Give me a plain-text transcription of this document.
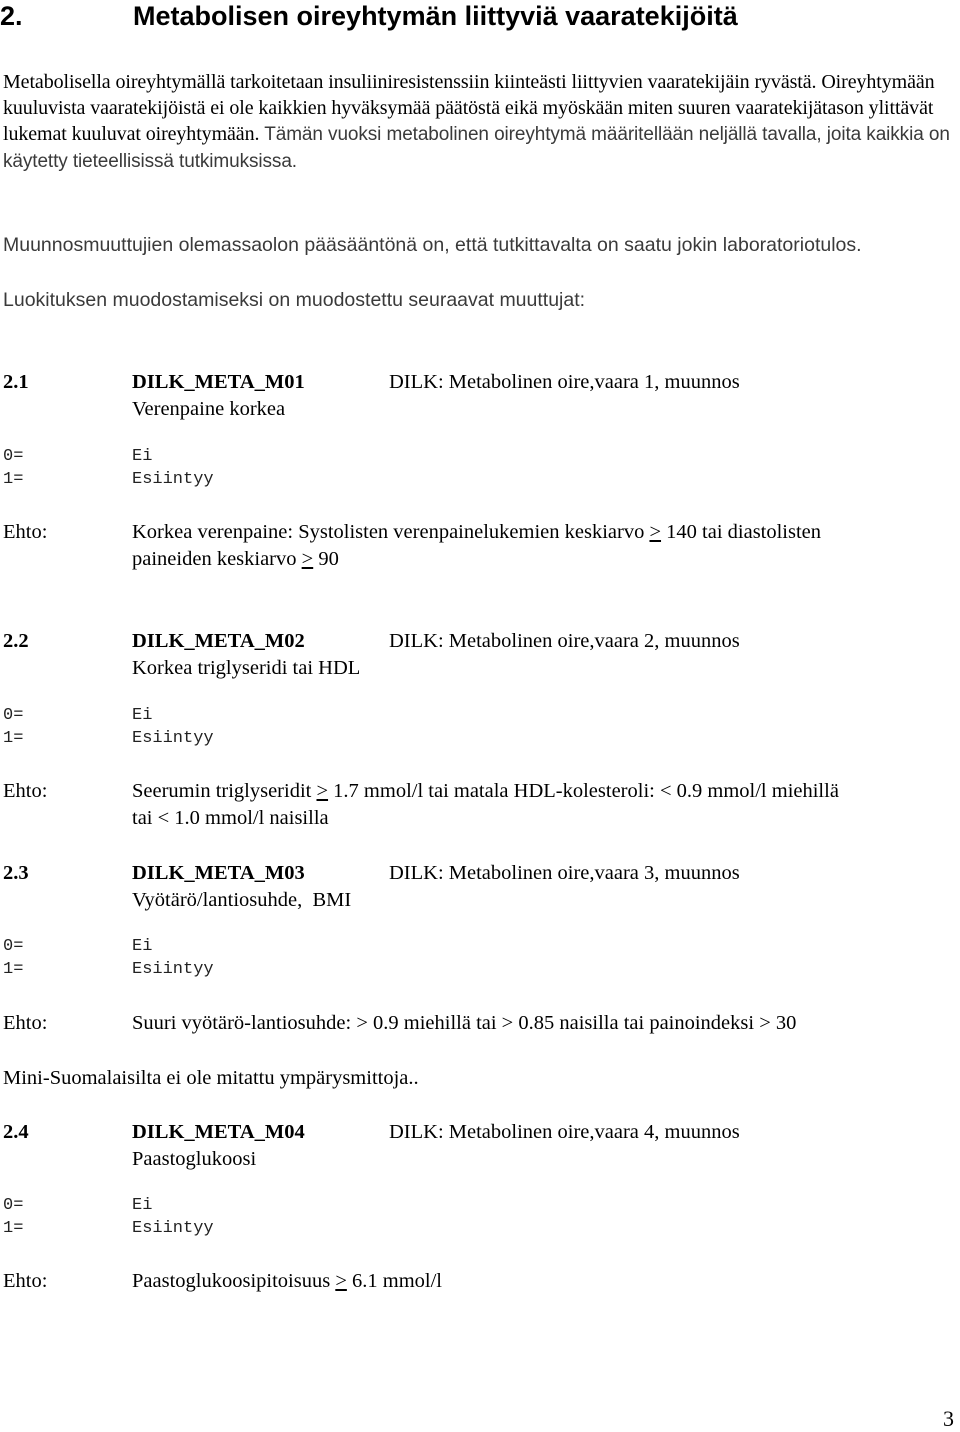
2.	Metabolisen oireyhtymän liittyviä vaaratekijöitä
Metabolisella oireyhtymällä tarkoitetaan insuliiniresistenssiin kiinteästi liittyvien vaaratekijäin ryvästä. Oireyhtymään kuuluvista vaaratekijöistä ei ole kaikkien hyväksymää päätöstä eikä myöskään miten suuren vaaratekijätason ylittävät lukemat kuuluvat oireyhtymään. Tämän vuoksi metabolinen oireyhtymä määritellään neljällä tavalla, joita kaikkia on käytetty tieteellisissä tutkimuksissa.
Muunnosmuuttujien olemassaolon pääsääntönä on, että tutkittavalta on saatu jokin laboratoriotulos.
Luokituksen muodostamiseksi on muodostettu seuraavat muuttujat:
2.1	DILK_META_M01	DILK: Metabolinen oire,vaara 1, muunnos
Verenpaine korkea
0=	Ei
1=	Esiintyy
Ehto:	Korkea verenpaine: Systolisten verenpainelukemien keskiarvo > 140 tai diastolisten
paineiden keskiarvo > 90
2.2	DILK_META_M02	DILK: Metabolinen oire,vaara 2, muunnos
Korkea triglyseridi tai HDL
0=	Ei
1=	Esiintyy
Ehto:	Seerumin triglyseridit > 1.7 mmol/l tai matala HDL-kolesteroli: < 0.9 mmol/l miehillä
tai < 1.0 mmol/l naisilla
2.3	DILK_META_M03	DILK: Metabolinen oire,vaara 3, muunnos
Vyötärö/lantiosuhde,  BMI
0=	Ei
1=	Esiintyy
Ehto:	Suuri vyötärö-lantiosuhde: > 0.9 miehillä tai > 0.85 naisilla tai painoindeksi > 30
Mini-Suomalaisilta ei ole mitattu ympärysmittoja..
2.4	DILK_META_M04	DILK: Metabolinen oire,vaara 4, muunnos
Paastoglukoosi
0=	Ei
1=	Esiintyy
Ehto:	Paastoglukoosipitoisuus > 6.1 mmol/l
3
